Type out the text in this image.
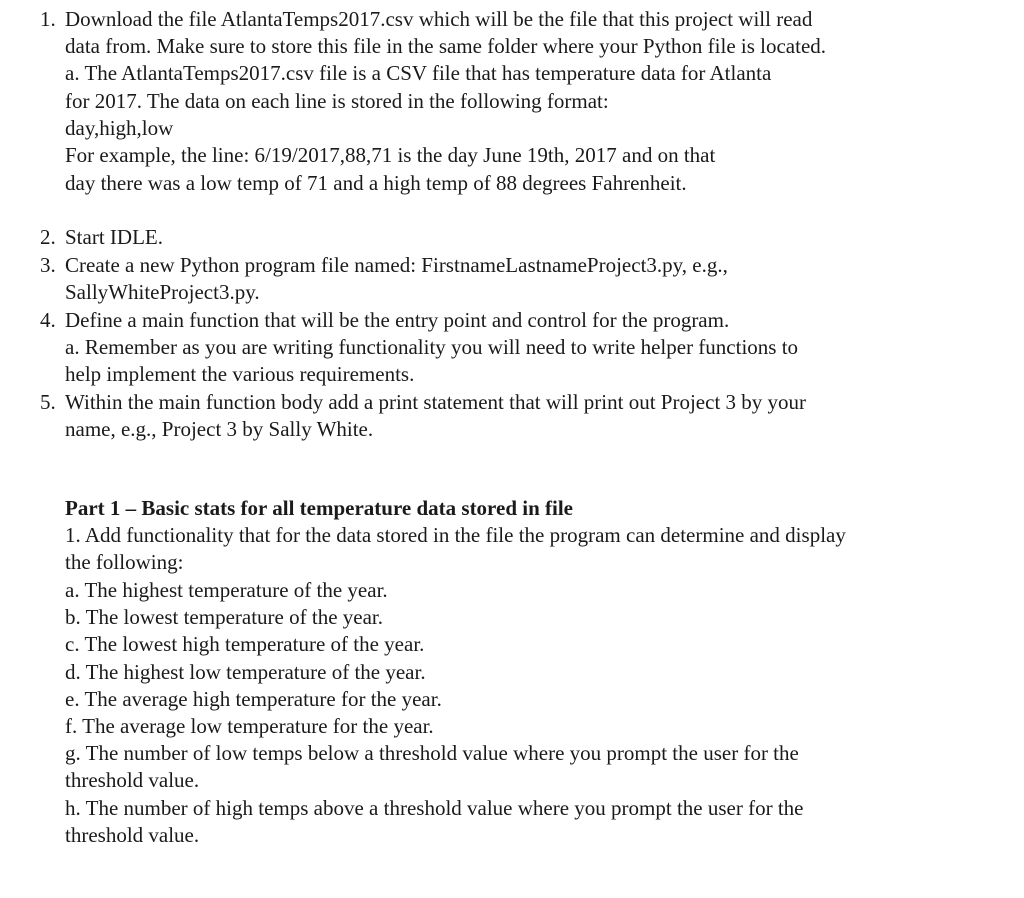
1. Download the file AtlantaTemps2017.csv which will be the file that this project will read
data from. Make sure to store this file in the same folder where your Python file is located.
a. The AtlantaTemps2017.csv file is a CSV file that has temperature data for Atlanta
for 2017. The data on each line is stored in the following format:
day,high,low
For example, the line: 6/19/2017,88,71 is the day June 19th, 2017 and on that
day there was a low temp of 71 and a high temp of 88 degrees Fahrenheit.
2. Start IDLE.
3. Create a new Python program file named: FirstnameLastnameProject3.py, e.g.,
SallyWhiteProject3.py.
4. Define a main function that will be the entry point and control for the program.
a. Remember as you are writing functionality you will need to write helper functions to
help implement the various requirements.
5. Within the main function body add a print statement that will print out Project 3 by your
name, e.g., Project 3 by Sally White.
Part 1 – Basic stats for all temperature data stored in file
1. Add functionality that for the data stored in the file the program can determine and display
the following:
a. The highest temperature of the year.
b. The lowest temperature of the year.
c. The lowest high temperature of the year.
d. The highest low temperature of the year.
e. The average high temperature for the year.
f. The average low temperature for the year.
g. The number of low temps below a threshold value where you prompt the user for the
threshold value.
h. The number of high temps above a threshold value where you prompt the user for the
threshold value.
